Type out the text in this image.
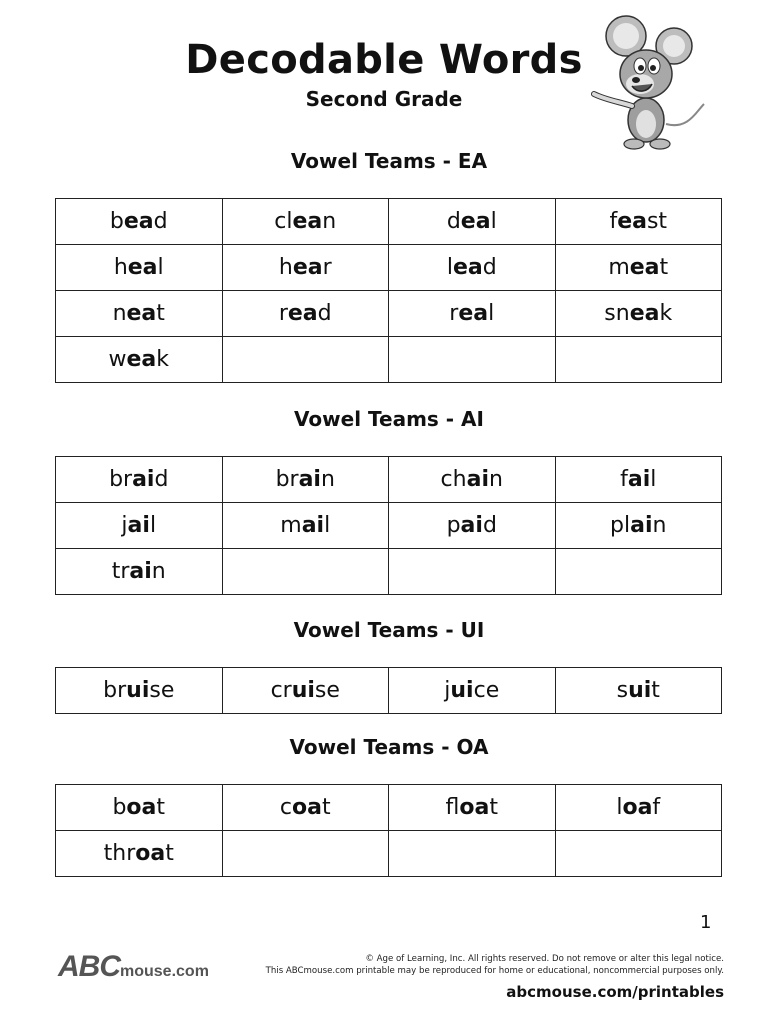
Decodable Words
Second Grade
Vowel Teams - EA
bead	clean	deal	feast
heal	hear	lead	meat
neat	read	real	sneak
weak			
Vowel Teams - AI
braid	brain	chain	fail
jail	mail	paid	plain
train			
Vowel Teams - UI
bruise	cruise	juice	suit
Vowel Teams - OA
boat	coat	float	loaf
throat			

1

ABCmouse.com
© Age of Learning, Inc. All rights reserved. Do not remove or alter this legal notice.
This ABCmouse.com printable may be reproduced for home or educational, noncommercial purposes only.

abcmouse.com/printables
